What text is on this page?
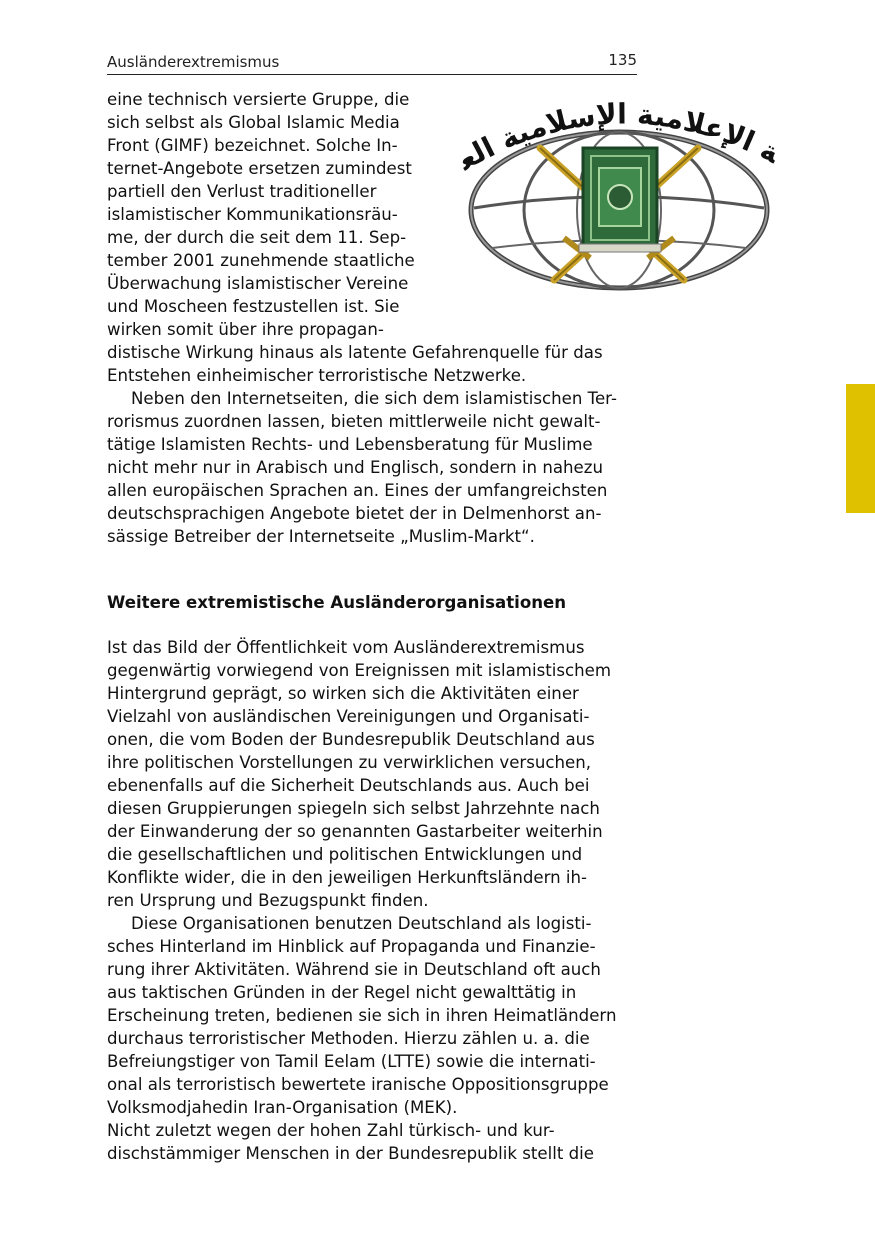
Ausländerextremismus	135
ة الإعلامية الإسلامية الع
eine technisch versierte Gruppe, die
sich selbst als Global Islamic Media
Front (GIMF) bezeichnet. Solche In-
ternet-Angebote ersetzen zumindest
partiell den Verlust traditioneller
islamistischer Kommunikationsräu-
me, der durch die seit dem 11. Sep-
tember 2001 zunehmende staatliche
Überwachung islamistischer Vereine
und Moscheen festzustellen ist. Sie
wirken somit über ihre propagan-
distische Wirkung hinaus als latente Gefahrenquelle für das
Entstehen einheimischer terroristische Netzwerke.
Neben den Internetseiten, die sich dem islamistischen Ter-
rorismus zuordnen lassen, bieten mittlerweile nicht gewalt-
tätige Islamisten Rechts- und Lebensberatung für Muslime
nicht mehr nur in Arabisch und Englisch, sondern in nahezu
allen europäischen Sprachen an. Eines der umfangreichsten
deutschsprachigen Angebote bietet der in Delmenhorst an-
sässige Betreiber der Internetseite „Muslim-Markt“.
Weitere extremistische Ausländerorganisationen
Ist das Bild der Öffentlichkeit vom Ausländerextremismus
gegenwärtig vorwiegend von Ereignissen mit islamistischem
Hintergrund geprägt, so wirken sich die Aktivitäten einer
Vielzahl von ausländischen Vereinigungen und Organisati-
onen, die vom Boden der Bundesrepublik Deutschland aus
ihre politischen Vorstellungen zu verwirklichen versuchen,
ebenenfalls auf die Sicherheit Deutschlands aus. Auch bei
diesen Gruppierungen spiegeln sich selbst Jahrzehnte nach
der Einwanderung der so genannten Gastarbeiter weiterhin
die gesellschaftlichen und politischen Entwicklungen und
Konflikte wider, die in den jeweiligen Herkunftsländern ih-
ren Ursprung und Bezugspunkt finden.
Diese Organisationen benutzen Deutschland als logisti-
sches Hinterland im Hinblick auf Propaganda und Finanzie-
rung ihrer Aktivitäten. Während sie in Deutschland oft auch
aus taktischen Gründen in der Regel nicht gewalttätig in
Erscheinung treten, bedienen sie sich in ihren Heimatländern
durchaus terroristischer Methoden. Hierzu zählen u. a. die
Befreiungstiger von Tamil Eelam (LTTE) sowie die internati-
onal als terroristisch bewertete iranische Oppositionsgruppe
Volksmodjahedin Iran-Organisation (MEK).
Nicht zuletzt wegen der hohen Zahl türkisch- und kur-
dischstämmiger Menschen in der Bundesrepublik stellt die
